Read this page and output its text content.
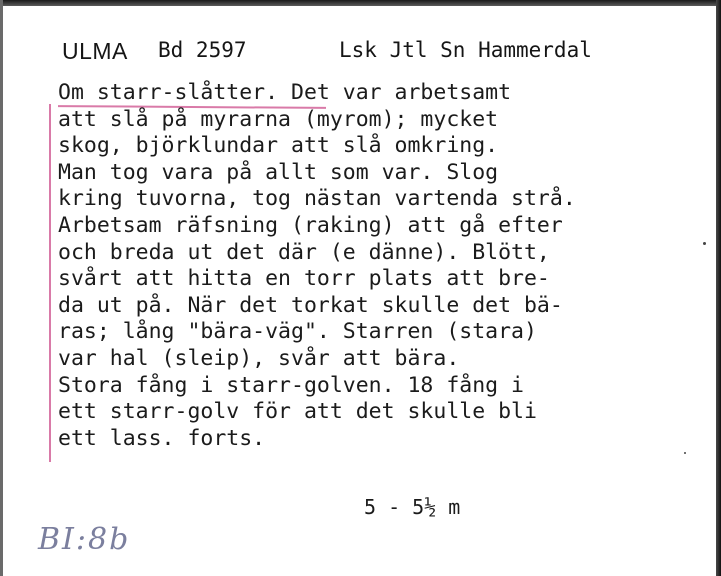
ULMA Bd 2597	Lsk Jtl Sn Hammerdal
Om starr-slåtter. Det var arbetsamt
att slå på myrarna (myrom); mycket
skog, björklundar att slå omkring.
Man tog vara på allt som var. Slog
kring tuvorna, tog nästan vartenda strå.
Arbetsam räfsning (raking) att gå efter
och breda ut det där (e dänne). Blött,
svårt att hitta en torr plats att bre-
da ut på. När det torkat skulle det bä-
ras; lång "bära-väg". Starren (stara)
var hal (sleip), svår att bära.
Stora fång i starr-golven. 18 fång i
ett starr-golv för att det skulle bli
ett lass. forts.
5 - 5½ m
BI:8b
